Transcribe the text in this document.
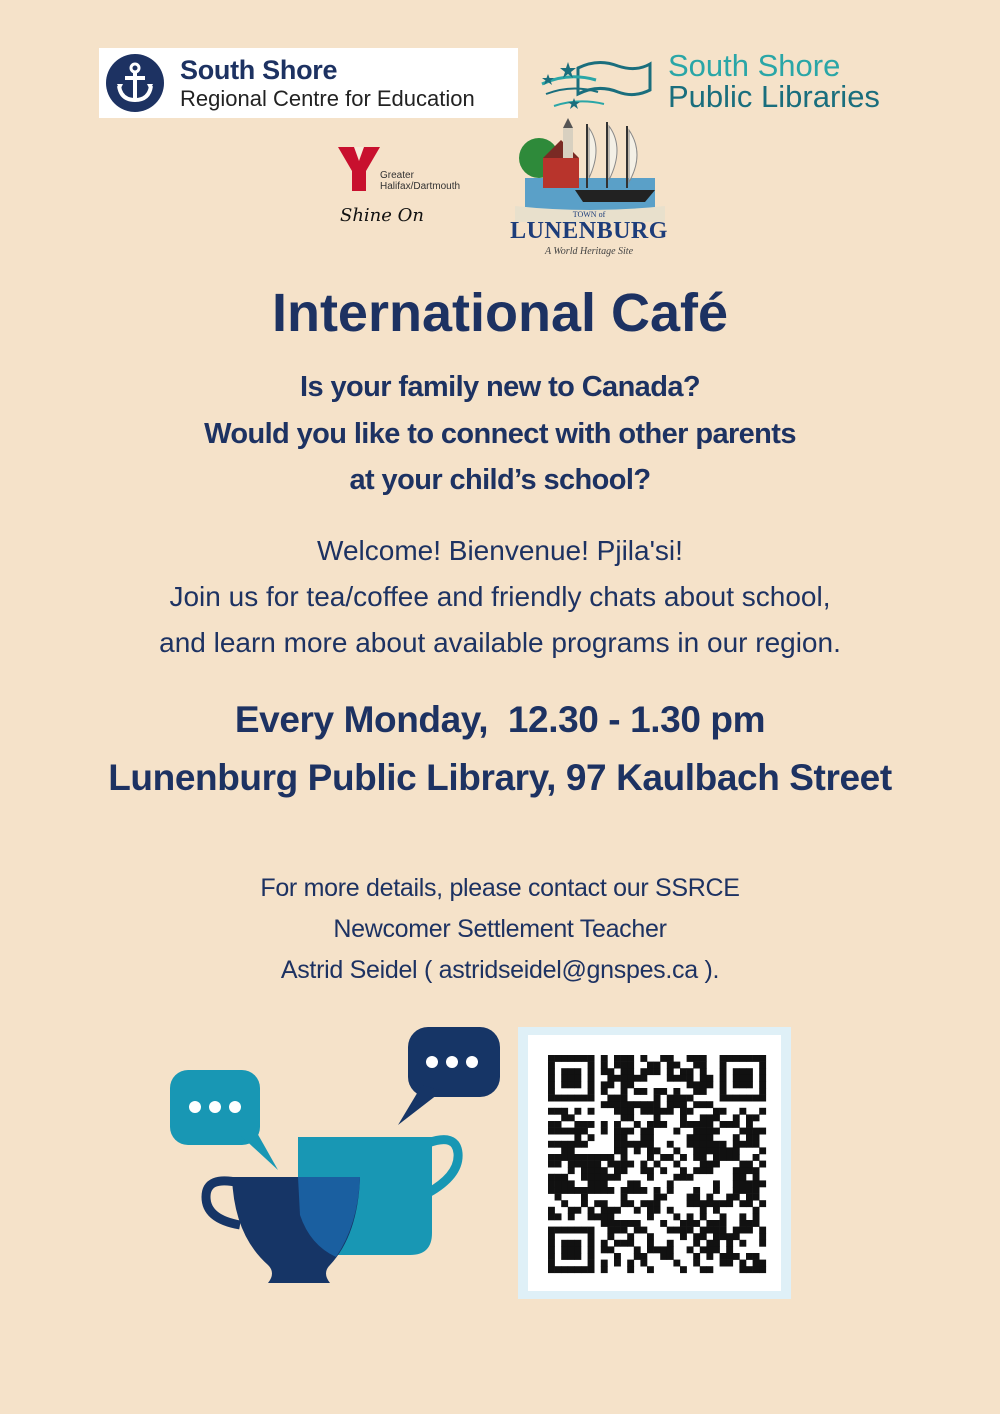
South Shore
Regional Centre for Education
South Shore
Public Libraries
Greater
Halifax/Dartmouth
Shine On	TOWN of
LUNENBURG
A World Heritage Site
International Café
Is your family new to Canada?
Would you like to connect with other parents
at your child’s school?
Welcome! Bienvenue! Pjila'si!
Join us for tea/coffee and friendly chats about school,
and learn more about available programs in our region.
Every Monday,  12.30 - 1.30 pm
Lunenburg Public Library, 97 Kaulbach Street
For more details, please contact our SSRCE
Newcomer Settlement Teacher
Astrid Seidel ( astridseidel@gnspes.ca ).
